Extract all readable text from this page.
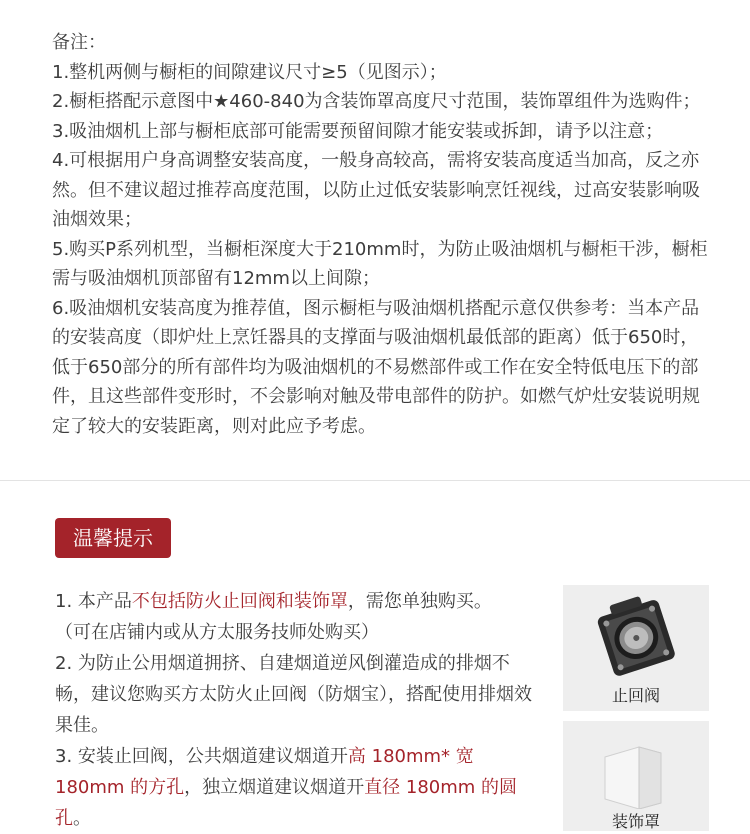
备注：

1.整机两侧与橱柜的间隙建议尺寸≥5（见图示）；

2.橱柜搭配示意图中★460-840为含装饰罩高度尺寸范围，装饰罩组件为选购件；

3.吸油烟机上部与橱柜底部可能需要预留间隙才能安装或拆卸，请予以注意；

4.可根据用户身高调整安装高度，一般身高较高，需将安装高度适当加高，反之亦然。但不建议超过推荐高度范围，以防止过低安装影响烹饪视线，过高安装影响吸油烟效果；

5.购买P系列机型，当橱柜深度大于210mm时，为防止吸油烟机与橱柜干涉，橱柜需与吸油烟机顶部留有12mm以上间隙；

6.吸油烟机安装高度为推荐值，图示橱柜与吸油烟机搭配示意仅供参考：当本产品的安装高度（即炉灶上烹饪器具的支撑面与吸油烟机最低部的距离）低于650时，低于650部分的所有部件均为吸油烟机的不易燃部件或工作在安全特低电压下的部件，且这些部件变形时，不会影响对触及带电部件的防护。如燃气炉灶安装说明规定了较大的安装距离，则对此应予考虑。

温馨提示

1. 本产品不包括防火止回阀和装饰罩，需您单独购买。
（可在店铺内或从方太服务技师处购买）

2. 为防止公用烟道拥挤、自建烟道逆风倒灌造成的排烟不畅，建议您购买方太防火止回阀（防烟宝），搭配使用排烟效果佳。

3. 安装止回阀，公共烟道建议烟道开高 180mm* 宽 180mm 的方孔，独立烟道建议烟道开直径 180mm 的圆孔。

止回阀
装饰罩
